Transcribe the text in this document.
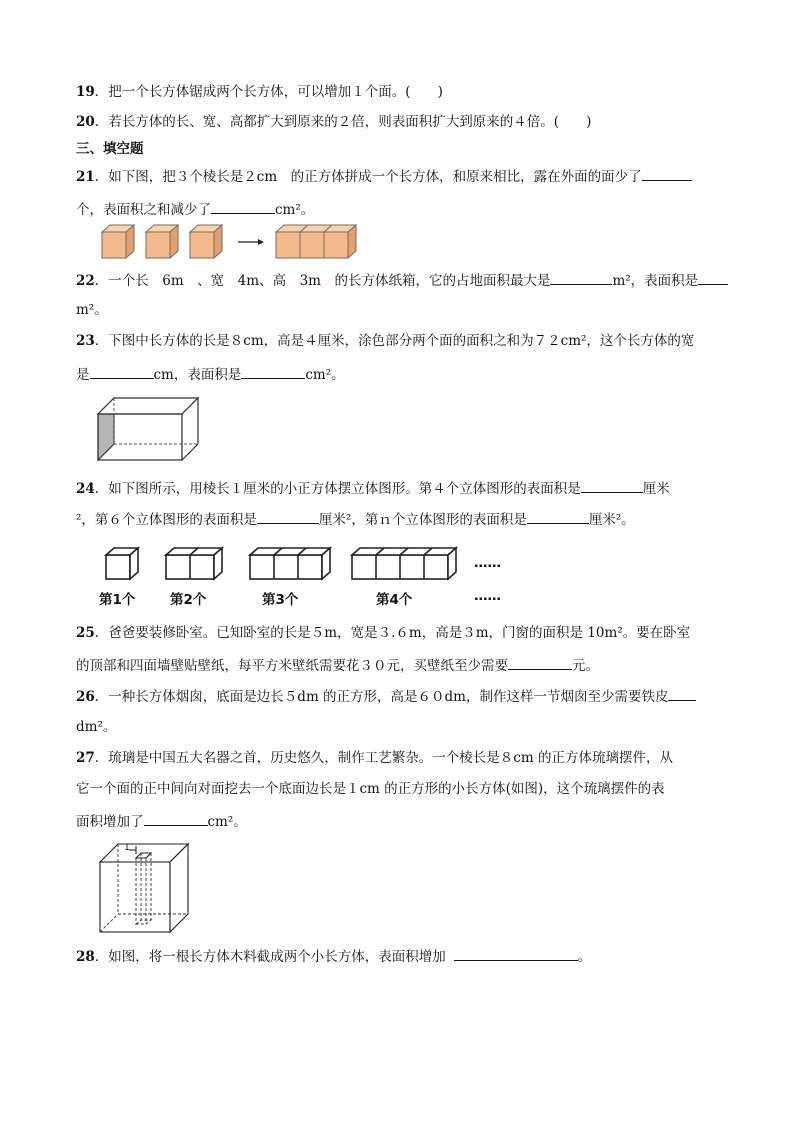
19．把一个长方体锯成两个长方体，可以增加１个面。(　　)
20．若长方体的长、宽、高都扩大到原来的２倍，则表面积扩大到原来的４倍。(　　)
三、填空题
21．如下图，把３个棱长是２cm　的正方体拼成一个长方体，和原来相比，露在外面的面少了
个，表面积之和减少了	cm²。
22．一个长　6m　、宽　4m、高　3m　的长方体纸箱，它的占地面积最大是	m²，表面积是
m²。
23．下图中长方体的长是８cm，高是４厘米，涂色部分两个面的面积之和为７２cm²，这个长方体的宽
是	cm，表面积是	cm²。
24．如下图所示，用棱长１厘米的小正方体摆立体图形。第４个立体图形的表面积是	厘米
²，第６个立体图形的表面积是	厘米²，第ｎ个立体图形的表面积是	厘米²。
……
第1个	第2个	第3个	第4个	……
25．爸爸要装修卧室。已知卧室的长是５m，宽是３.６m，高是３m，门窗的面积是 10m²。要在卧室
的顶部和四面墙壁贴壁纸，每平方米壁纸需要花３０元，买壁纸至少需要	元。
26．一种长方体烟囱，底面是边长５dm 的正方形，高是６０dm，制作这样一节烟囱至少需要铁皮
dm²。
27．琉璃是中国五大名器之首，历史悠久，制作工艺繁杂。一个棱长是８cm 的正方体琉璃摆件，从
它一个面的正中间向对面挖去一个底面边长是１cm 的正方形的小长方体(如图)，这个琉璃摆件的表
面积增加了	cm²。
1
28．如图，将一根长方体木料截成两个小长方体，表面积增加	。
